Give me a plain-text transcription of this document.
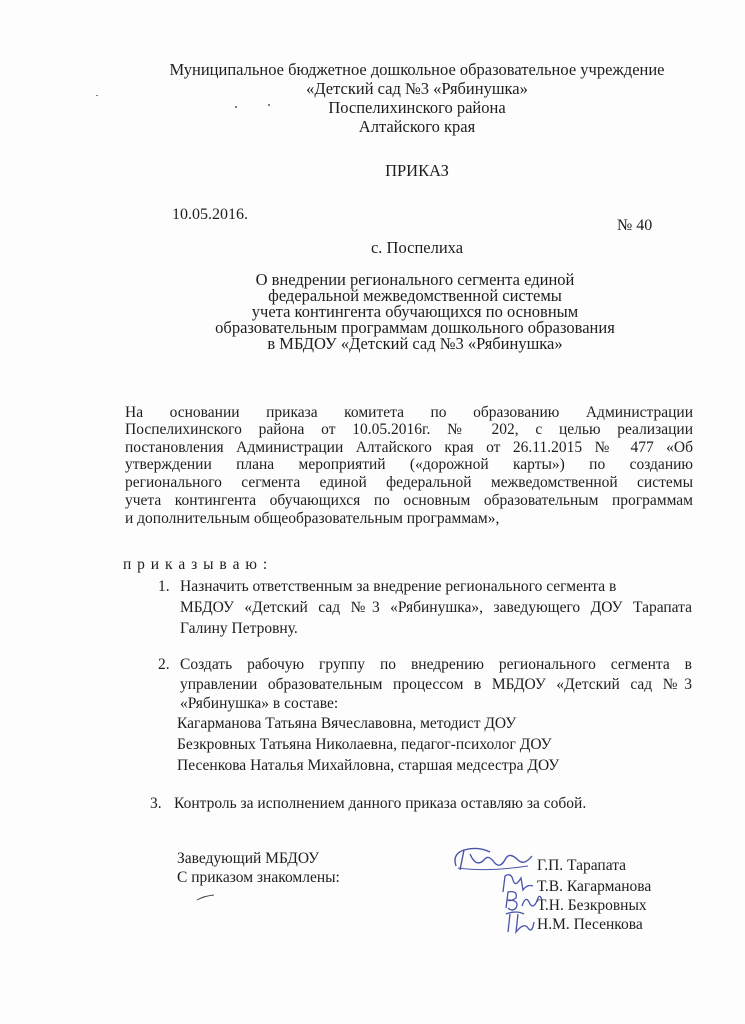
Муниципальное бюджетное дошкольное образовательное учреждение
«Детский сад №3 «Рябинушка»
Поспелихинского района
Алтайского края
ПРИКАЗ
10.05.2016.
№ 40
с. Поспелиха
О внедрении регионального сегмента единой
федеральной межведомственной системы
учета контингента обучающихся по основным
образовательным программам дошкольного образования
в МБДОУ «Детский сад №3 «Рябинушка»
На основании приказа комитета по образованию Администрации
Поспелихинского района от 10.05.2016г. № 202, с целью реализации
постановления Администрации Алтайского края от 26.11.2015 № 477 «Об
утверждении плана мероприятий («дорожной карты») по созданию
регионального сегмента единой федеральной межведомственной системы
учета контингента обучающихся по основным образовательным программам
и дополнительным общеобразовательным программам»,
п р и к а з ы в а ю :
1. Назначить ответственным за внедрение регионального сегмента в
МБДОУ «Детский сад №3 «Рябинушка», заведующего ДОУ Тарапата
Галину Петровну.
2. Создать рабочую группу по внедрению регионального сегмента в
управлении образовательным процессом в МБДОУ «Детский сад №3
«Рябинушка» в составе:
Кагарманова Татьяна Вячеславовна, методист ДОУ
Безкровных Татьяна Николаевна, педагог-психолог ДОУ
Песенкова Наталья Михайловна, старшая медсестра ДОУ
3. Контроль за исполнением данного приказа оставляю за собой.
Заведующий МБДОУ
С приказом знакомлены:
Г.П. Тарапата
Т.В. Кагарманова
Т.Н. Безкровных
Н.М. Песенкова
